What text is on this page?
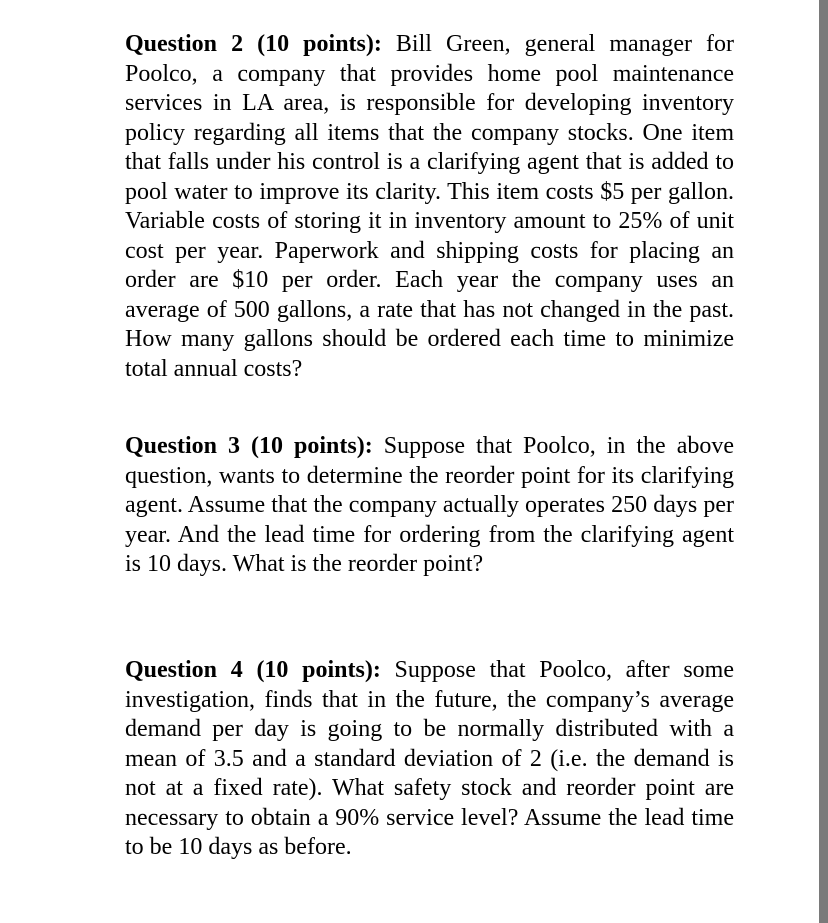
Question 2 (10 points): Bill Green, general manager for Poolco, a company that provides home pool maintenance services in LA area, is responsible for developing inventory policy regarding all items that the company stocks. One item that falls under his control is a clarifying agent that is added to pool water to improve its clarity. This item costs $5 per gallon. Variable costs of storing it in inventory amount to 25% of unit cost per year. Paperwork and shipping costs for placing an order are $10 per order. Each year the company uses an average of 500 gallons, a rate that has not changed in the past. How many gallons should be ordered each time to minimize total annual costs?

Question 3 (10 points): Suppose that Poolco, in the above question, wants to determine the reorder point for its clarifying agent. Assume that the company actually operates 250 days per year. And the lead time for ordering from the clarifying agent is 10 days. What is the reorder point?

Question 4 (10 points): Suppose that Poolco, after some investigation, finds that in the future, the company’s average demand per day is going to be normally distributed with a mean of 3.5 and a standard deviation of 2 (i.e. the demand is not at a fixed rate). What safety stock and reorder point are necessary to obtain a 90% service level? Assume the lead time to be 10 days as before.
